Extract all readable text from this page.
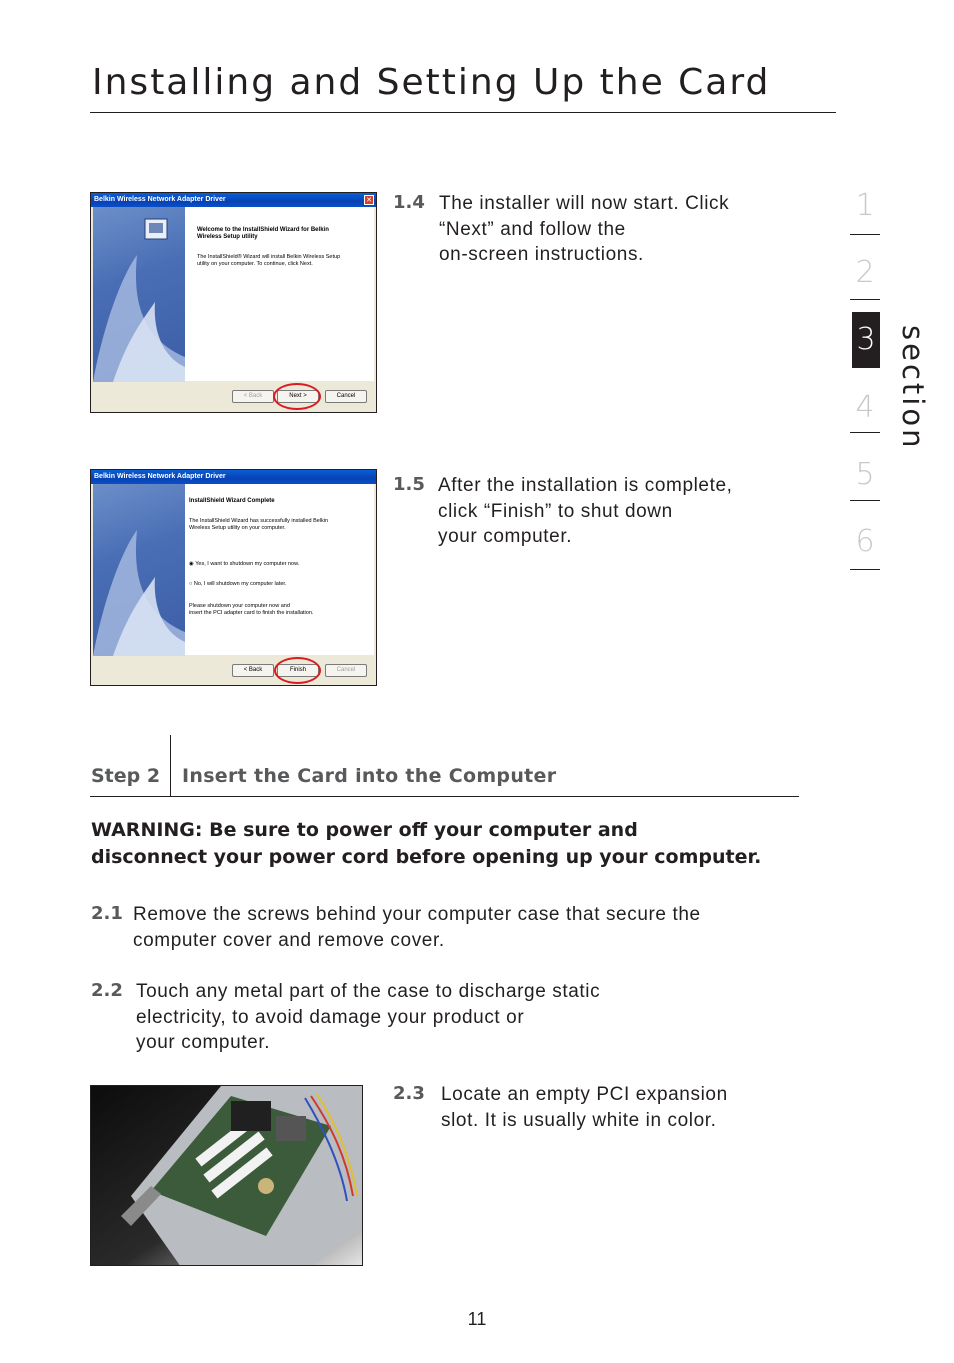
Installing and Setting Up the Card
1
2
3
4
5
6
section
Belkin Wireless Network Adapter Driver	✕
Welcome to the InstallShield Wizard for Belkin
Wireless Setup utility
The InstallShield® Wizard will install Belkin Wireless Setup
utility on your computer. To continue, click Next.
< Back	Next >	Cancel
1.4 The installer will now start. Click
“Next” and follow the
on-screen instructions.
Belkin Wireless Network Adapter Driver
InstallShield Wizard Complete
The InstallShield Wizard has successfully installed Belkin
Wireless Setup utility on your computer.
◉ Yes, I want to shutdown my computer now.
○ No, I will shutdown my computer later.
Please shutdown your computer now and
insert the PCI adapter card to finish the installation.
< Back	Finish	Cancel
1.5 After the installation is complete,
click “Finish” to shut down
your computer.
Step 2 Insert the Card into the Computer
WARNING: Be sure to power off your computer and
disconnect your power cord before opening up your computer.
2.1 Remove the screws behind your computer case that secure the
computer cover and remove cover.
2.2 Touch any metal part of the case to discharge static
electricity, to avoid damage your product or
your computer.
2.3 Locate an empty PCI expansion
slot. It is usually white in color.
11
